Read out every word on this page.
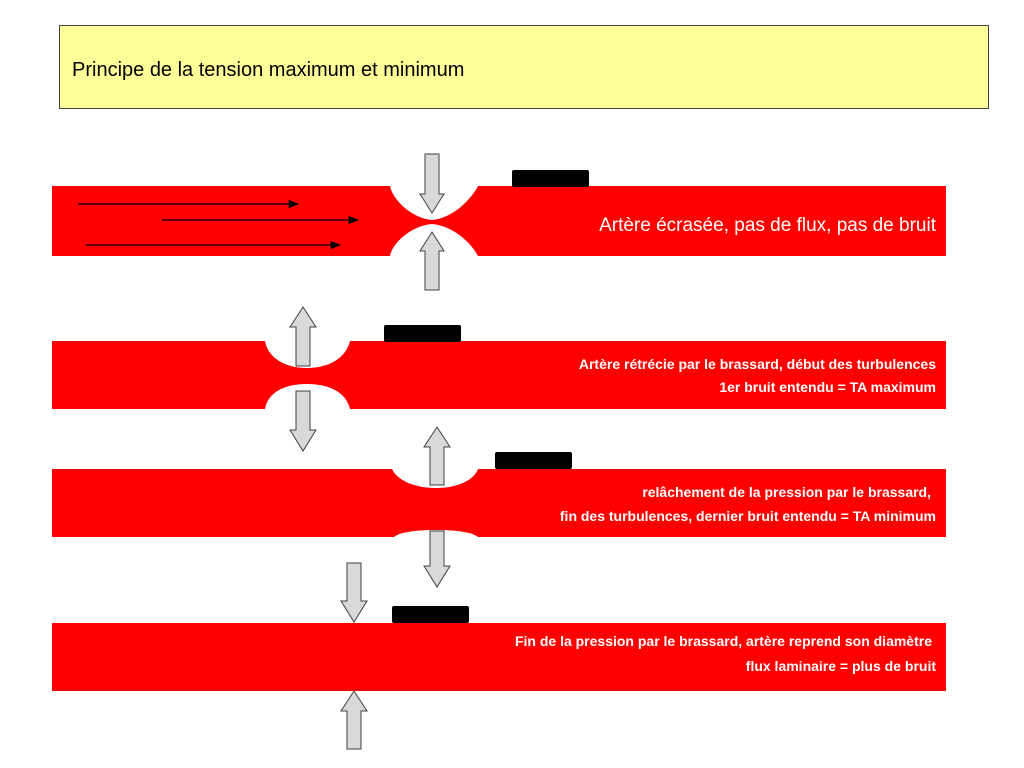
Principe de la tension maximum et minimum
Artère écrasée, pas de flux, pas de bruit
Artère rétrécie par le brassard, début des turbulences
1er bruit entendu = TA maximum
relâchement de la pression par le brassard,
fin des turbulences, dernier bruit entendu = TA minimum
Fin de la pression par le brassard, artère reprend son diamètre
flux laminaire = plus de bruit
